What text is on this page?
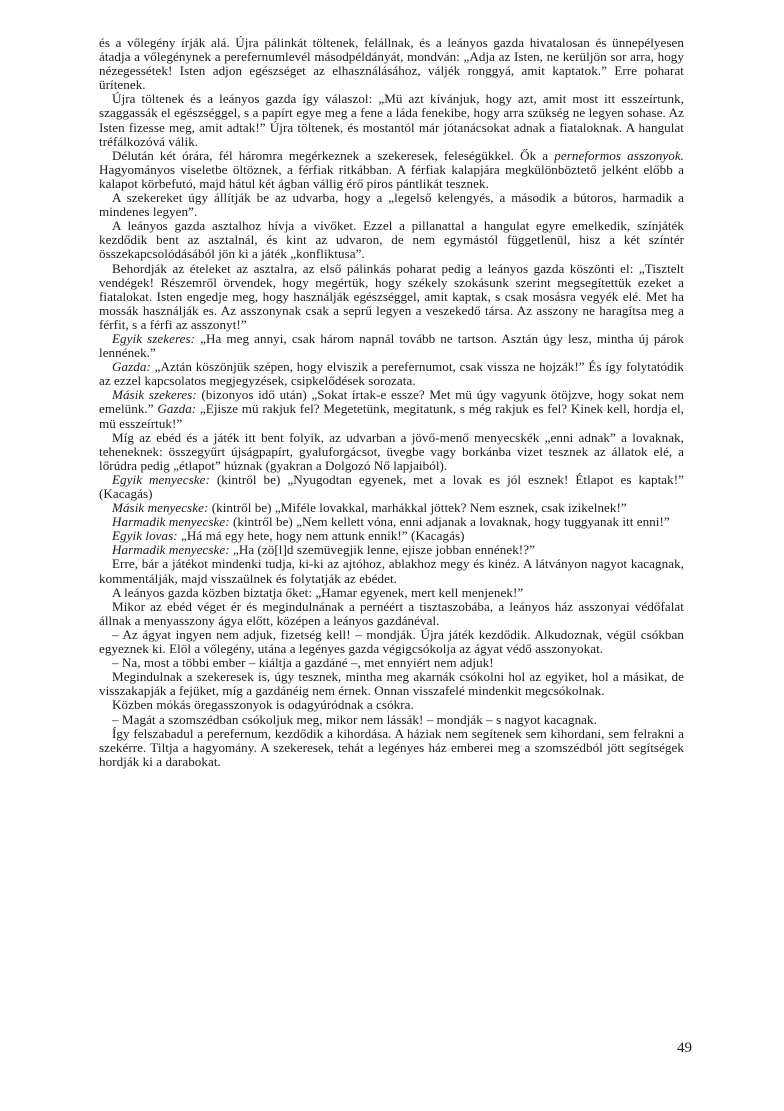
és a vőlegény írják alá. Újra pálinkát töltenek, felállnak, és a leányos gazda hivatalosan és ünnepélyesen átadja a vőlegénynek a perefernumlevél másodpéldányát, mondván: „Adja az Isten, ne kerüljön sor arra, hogy nézegessétek! Isten adjon egészséget az elhasználásához, váljék ronggyá, amit kaptatok.” Erre poharat ürítenek.

Újra töltenek és a leányos gazda így válaszol: „Mü azt kívánjuk, hogy azt, amit most itt esszeírtunk, szaggassák el egészséggel, s a papírt egye meg a fene a láda fenekibe, hogy arra szükség ne legyen sohase. Az Isten fizesse meg, amit adtak!” Újra töltenek, és mostantól már jótanácsokat adnak a fiataloknak. A hangulat tréfálkozóvá válik.

Délután két órára, fél háromra megérkeznek a szekeresek, feleségükkel. Ők a perneformos asszonyok. Hagyományos viseletbe öltöznek, a férfiak ritkábban. A férfiak kalapjára megkülönböztető jelként előbb a kalapot körbefutó, majd hátul két ágban vállig érő piros pántlikát tesznek.

A szekereket úgy állítják be az udvarba, hogy a „legelső kelengyés, a második a bútoros, harmadik a mindenes legyen”.

A leányos gazda asztalhoz hívja a vivőket. Ezzel a pillanattal a hangulat egyre emelkedik, színjáték kezdődik bent az asztalnál, és kint az udvaron, de nem egymástól függetlenül, hisz a két színtér összekapcsolódásából jön ki a játék „konfliktusa”.

Behordják az ételeket az asztalra, az első pálinkás poharat pedig a leányos gazda köszönti el: „Tisztelt vendégek! Részemről örvendek, hogy megértük, hogy székely szokásunk szerint megsegítettük ezeket a fiatalokat. Isten engedje meg, hogy használják egészséggel, amit kaptak, s csak mosásra vegyék elé. Met ha mossák használják es. Az asszonynak csak a seprű legyen a veszekedő társa. Az asszony ne haragítsa meg a férfit, s a férfi az asszonyt!”

Egyik szekeres: „Ha meg annyi, csak három napnál tovább ne tartson. Asztán úgy lesz, mintha új párok lennének.”

Gazda: „Aztán köszönjük szépen, hogy elviszik a perefernumot, csak vissza ne hojzák!” És így folytatódik az ezzel kapcsolatos megjegyzések, csipkelődések sorozata.

Másik szekeres: (bizonyos idő után) „Sokat írtak-e essze? Met mü úgy vagyunk ötöjzve, hogy sokat nem emelünk.” Gazda: „Ejisze mü rakjuk fel? Megetetünk, megitatunk, s még rakjuk es fel? Kinek kell, hordja el, mü esszeírtuk!”

Míg az ebéd és a játék itt bent folyik, az udvarban a jövő-menő menyecskék „enni adnak” a lovaknak, teheneknek: összegyűrt újságpapírt, gyaluforgácsot, üvegbe vagy borkánba vizet tesznek az állatok elé, a lőrúdra pedig „étlapot” húznak (gyakran a Dolgozó Nő lapjaiból).

Egyik menyecske: (kintről be) „Nyugodtan egyenek, met a lovak es jól esznek! Étlapot es kaptak!” (Kacagás)

Másik menyecske: (kintről be) „Miféle lovakkal, marhákkal jöttek? Nem esznek, csak izikelnek!”

Harmadik menyecske: (kintről be) „Nem kellett vóna, enni adjanak a lovaknak, hogy tuggyanak itt enni!”

Egyik lovas: „Há má egy hete, hogy nem attunk ennik!” (Kacagás)

Harmadik menyecske: „Ha (zö[l]d szemüvegjik lenne, ejisze jobban ennének!?”

Erre, bár a játékot mindenki tudja, ki-ki az ajtóhoz, ablakhoz megy és kinéz. A látványon nagyot kacagnak, kommentálják, majd visszaülnek és folytatják az ebédet.

A leányos gazda közben biztatja őket: „Hamar egyenek, mert kell menjenek!”

Mikor az ebéd véget ér és megindulnának a pernéért a tisztaszobába, a leányos ház asszonyai védőfalat állnak a menyasszony ágya előtt, középen a leányos gazdánéval.

– Az ágyat ingyen nem adjuk, fizetség kell! – mondják. Újra játék kezdődik. Alkudoznak, végül csókban egyeznek ki. Elöl a vőlegény, utána a legényes gazda végigcsókolja az ágyat védő asszonyokat.

– Na, most a többi ember – kiáltja a gazdáné –, met ennyiért nem adjuk!

Megindulnak a szekeresek is, úgy tesznek, mintha meg akarnák csókolni hol az egyiket, hol a másikat, de visszakapják a fejüket, míg a gazdánéig nem érnek. Onnan visszafelé mindenkit megcsókolnak.

Közben mókás öregasszonyok is odagyúródnak a csókra.

– Magát a szomszédban csókoljuk meg, mikor nem lássák! – mondják – s nagyot kacagnak.

Így felszabadul a perefernum, kezdődik a kihordása. A háziak nem segítenek sem kihordani, sem felrakni a szekérre. Tiltja a hagyomány. A szekeresek, tehát a legényes ház emberei meg a szomszédból jött segítségek hordják ki a darabokat.

49
